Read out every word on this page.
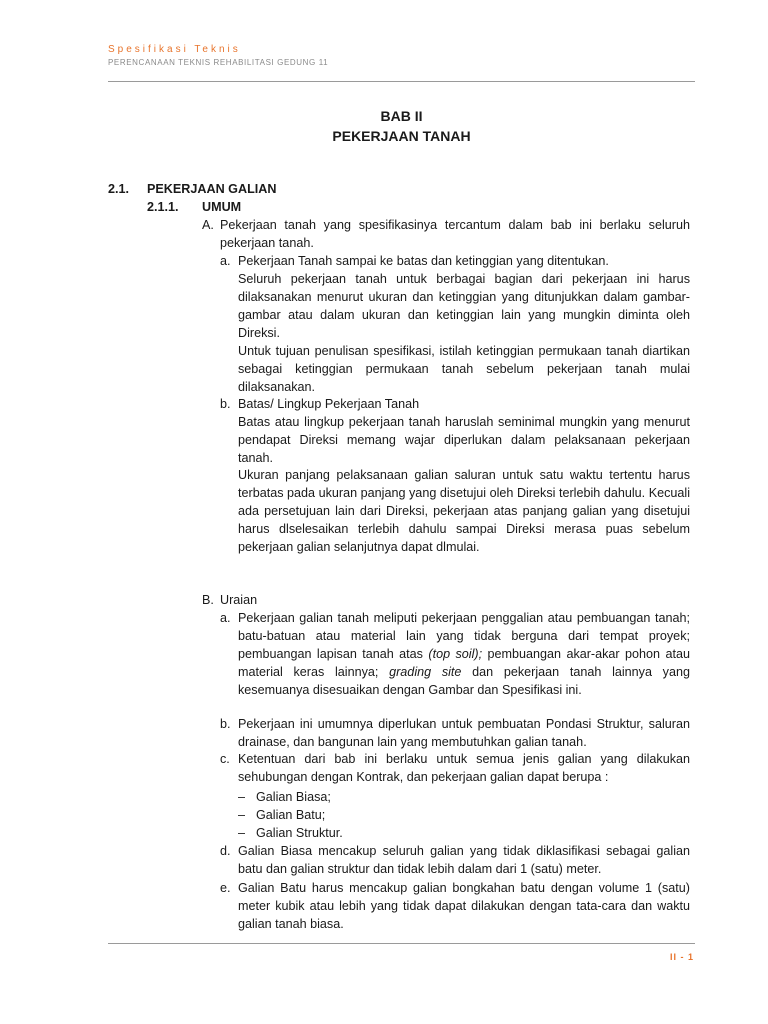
Spesifikasi Teknis
PERENCANAAN TEKNIS REHABILITASI GEDUNG 11
BAB II
PEKERJAAN TANAH
2.1. PEKERJAAN GALIAN
2.1.1. UMUM
A. Pekerjaan tanah yang spesifikasinya tercantum dalam bab ini berlaku seluruh pekerjaan tanah.

a. Pekerjaan Tanah sampai ke batas dan ketinggian yang ditentukan.

Seluruh pekerjaan tanah untuk berbagai bagian dari pekerjaan ini harus dilaksanakan menurut ukuran dan ketinggian yang ditunjukkan dalam gambar-gambar atau dalam ukuran dan ketinggian lain yang mungkin diminta oleh Direksi.

Untuk tujuan penulisan spesifikasi, istilah ketinggian permukaan tanah diartikan sebagai ketinggian permukaan tanah sebelum pekerjaan tanah mulai dilaksanakan.

b. Batas/ Lingkup Pekerjaan Tanah

Batas atau lingkup pekerjaan tanah haruslah seminimal mungkin yang menurut pendapat Direksi memang wajar diperlukan dalam pelaksanaan pekerjaan tanah.

Ukuran panjang pelaksanaan galian saluran untuk satu waktu tertentu harus terbatas pada ukuran panjang yang disetujui oleh Direksi terlebih dahulu. Kecuali ada persetujuan lain dari Direksi, pekerjaan atas panjang galian yang disetujui harus dlselesaikan terlebih dahulu sampai Direksi merasa puas sebelum pekerjaan galian selanjutnya dapat dlmulai.

B. Uraian
a. Pekerjaan galian tanah meliputi pekerjaan penggalian atau pembuangan tanah; batu-batuan atau material lain yang tidak berguna dari tempat proyek; pembuangan lapisan tanah atas (top soil); pembuangan akar-akar pohon atau material keras lainnya; grading site dan pekerjaan tanah lainnya yang kesemuanya disesuaikan dengan Gambar dan Spesifikasi ini.

b. Pekerjaan ini umumnya diperlukan untuk pembuatan Pondasi Struktur, saluran drainase, dan bangunan lain yang membutuhkan galian tanah.

c. Ketentuan dari bab ini berlaku untuk semua jenis galian yang dilakukan sehubungan dengan Kontrak, dan pekerjaan galian dapat berupa :

– Galian Biasa;
– Galian Batu;
– Galian Struktur.
d. Galian Biasa mencakup seluruh galian yang tidak diklasifikasi sebagai galian batu dan galian struktur dan tidak lebih dalam dari 1 (satu) meter.

e. Galian Batu harus mencakup galian bongkahan batu dengan volume 1 (satu) meter kubik atau lebih yang tidak dapat dilakukan dengan tata-cara dan waktu galian tanah biasa.

II - 1
